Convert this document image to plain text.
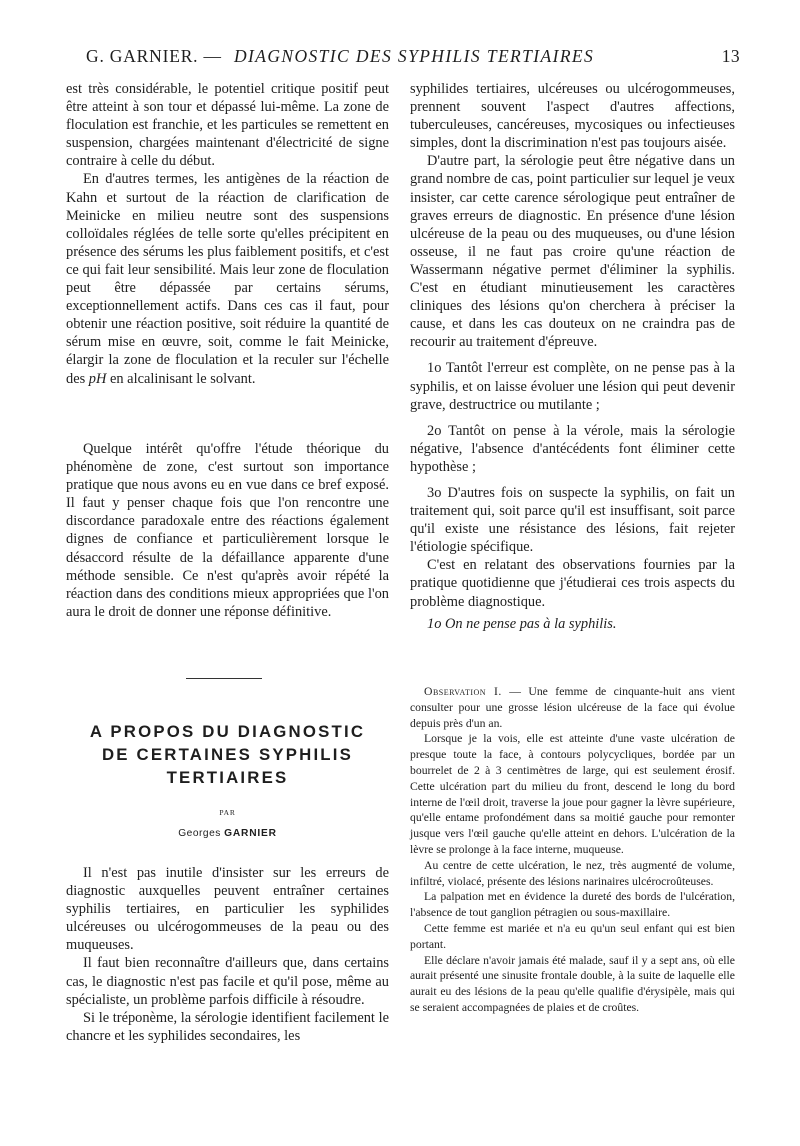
G. GARNIER. — DIAGNOSTIC DES SYPHILIS TERTIAIRES	13

est très considérable, le potentiel critique positif peut être atteint à son tour et dépassé lui-même. La zone de floculation est franchie, et les particules se remettent en suspension, chargées maintenant d'électricité de signe contraire à celle du début.

En d'autres termes, les antigènes de la réaction de Kahn et surtout de la réaction de clarification de Meinicke en milieu neutre sont des suspensions colloïdales réglées de telle sorte qu'elles précipitent en présence des sérums les plus faiblement positifs, et c'est ce qui fait leur sensibilité. Mais leur zone de floculation peut être dépassée par certains sérums, exceptionnellement actifs. Dans ces cas il faut, pour obtenir une réaction positive, soit réduire la quantité de sérum mise en œuvre, soit, comme le fait Meinicke, élargir la zone de floculation et la reculer sur l'échelle des pH en alcalinisant le solvant.

Quelque intérêt qu'offre l'étude théorique du phénomène de zone, c'est surtout son importance pratique que nous avons eu en vue dans ce bref exposé. Il faut y penser chaque fois que l'on rencontre une discordance paradoxale entre des réactions également dignes de confiance et particulièrement lorsque le désaccord résulte de la défaillance apparente d'une méthode sensible. Ce n'est qu'après avoir répété la réaction dans des conditions mieux appropriées que l'on aura le droit de donner une réponse définitive.

A PROPOS DU DIAGNOSTIC
DE CERTAINES SYPHILIS
TERTIAIRES
PAR
Georges GARNIER

Il n'est pas inutile d'insister sur les erreurs de diagnostic auxquelles peuvent entraîner certaines syphilis tertiaires, en particulier les syphilides ulcéreuses ou ulcérogommeuses de la peau ou des muqueuses.

Il faut bien reconnaître d'ailleurs que, dans certains cas, le diagnostic n'est pas facile et qu'il pose, même au spécialiste, un problème parfois difficile à résoudre.

Si le tréponème, la sérologie identifient facilement le chancre et les syphilides secondaires, les

syphilides tertiaires, ulcéreuses ou ulcérogommeuses, prennent souvent l'aspect d'autres affections, tuberculeuses, cancéreuses, mycosiques ou infectieuses simples, dont la discrimination n'est pas toujours aisée.

D'autre part, la sérologie peut être négative dans un grand nombre de cas, point particulier sur lequel je veux insister, car cette carence sérologique peut entraîner de graves erreurs de diagnostic. En présence d'une lésion ulcéreuse de la peau ou des muqueuses, ou d'une lésion osseuse, il ne faut pas croire qu'une réaction de Wassermann négative permet d'éliminer la syphilis. C'est en étudiant minutieusement les caractères cliniques des lésions qu'on cherchera à préciser la cause, et dans les cas douteux on ne craindra pas de recourir au traitement d'épreuve.

1o Tantôt l'erreur est complète, on ne pense pas à la syphilis, et on laisse évoluer une lésion qui peut devenir grave, destructrice ou mutilante ;

2o Tantôt on pense à la vérole, mais la sérologie négative, l'absence d'antécédents font éliminer cette hypothèse ;

3o D'autres fois on suspecte la syphilis, on fait un traitement qui, soit parce qu'il est insuffisant, soit parce qu'il existe une résistance des lésions, fait rejeter l'étiologie spécifique.

C'est en relatant des observations fournies par la pratique quotidienne que j'étudierai ces trois aspects du problème diagnostique.

1o On ne pense pas à la syphilis.

Observation I. — Une femme de cinquante-huit ans vient consulter pour une grosse lésion ulcéreuse de la face qui évolue depuis près d'un an.

Lorsque je la vois, elle est atteinte d'une vaste ulcération de presque toute la face, à contours polycycliques, bordée par un bourrelet de 2 à 3 centimètres de large, qui est seulement érosif. Cette ulcération part du milieu du front, descend le long du bord interne de l'œil droit, traverse la joue pour gagner la lèvre supérieure, qu'elle entame profondément dans sa moitié gauche pour remonter jusque vers l'œil gauche qu'elle atteint en dehors. L'ulcération de la lèvre se prolonge à la face interne, muqueuse.

Au centre de cette ulcération, le nez, très augmenté de volume, infiltré, violacé, présente des lésions narinaires ulcérocroûteuses.

La palpation met en évidence la dureté des bords de l'ulcération, l'absence de tout ganglion pétragien ou sous-maxillaire.

Cette femme est mariée et n'a eu qu'un seul enfant qui est bien portant.

Elle déclare n'avoir jamais été malade, sauf il y a sept ans, où elle aurait présenté une sinusite frontale double, à la suite de laquelle elle aurait eu des lésions de la peau qu'elle qualifie d'érysipèle, mais qui se seraient accompagnées de plaies et de croûtes.
